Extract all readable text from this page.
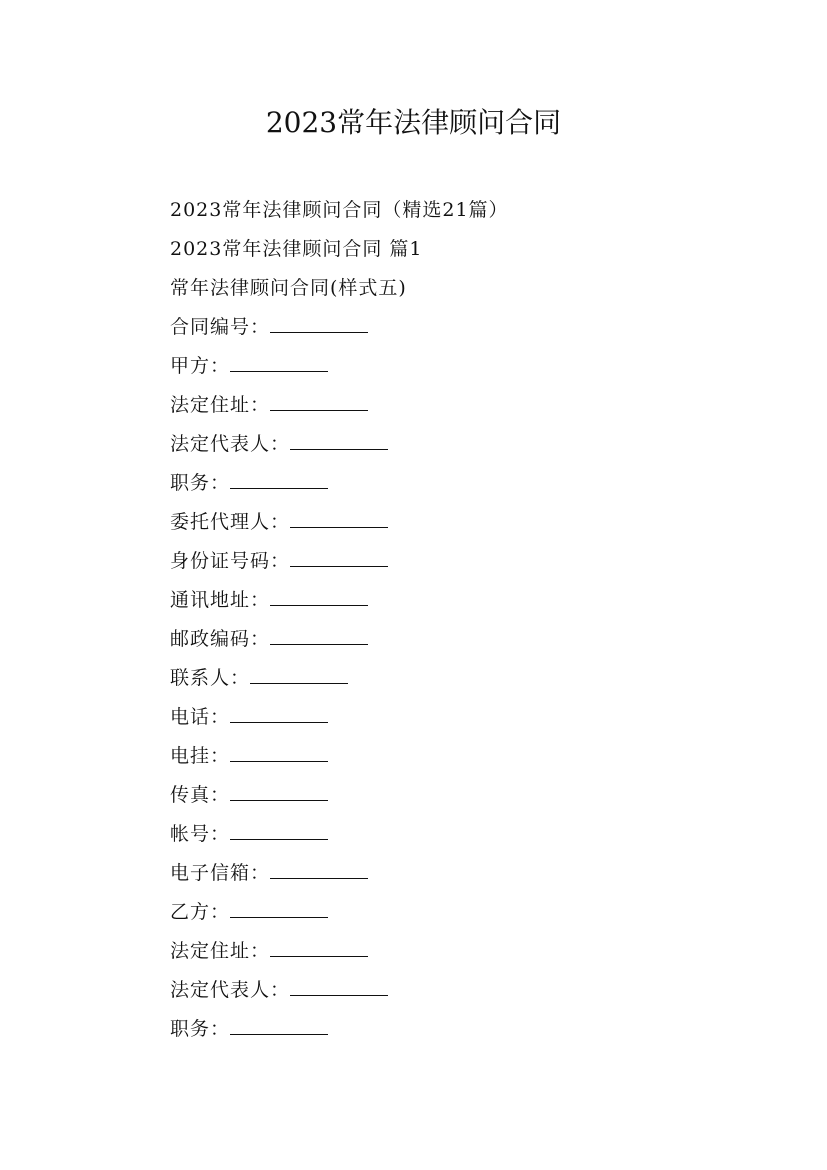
2023常年法律顾问合同
2023常年法律顾问合同（精选21篇）
2023常年法律顾问合同 篇1
常年法律顾问合同(样式五)
合同编号：
甲方：
法定住址：
法定代表人：
职务：
委托代理人：
身份证号码：
通讯地址：
邮政编码：
联系人：
电话：
电挂：
传真：
帐号：
电子信箱：
乙方：
法定住址：
法定代表人：
职务：
